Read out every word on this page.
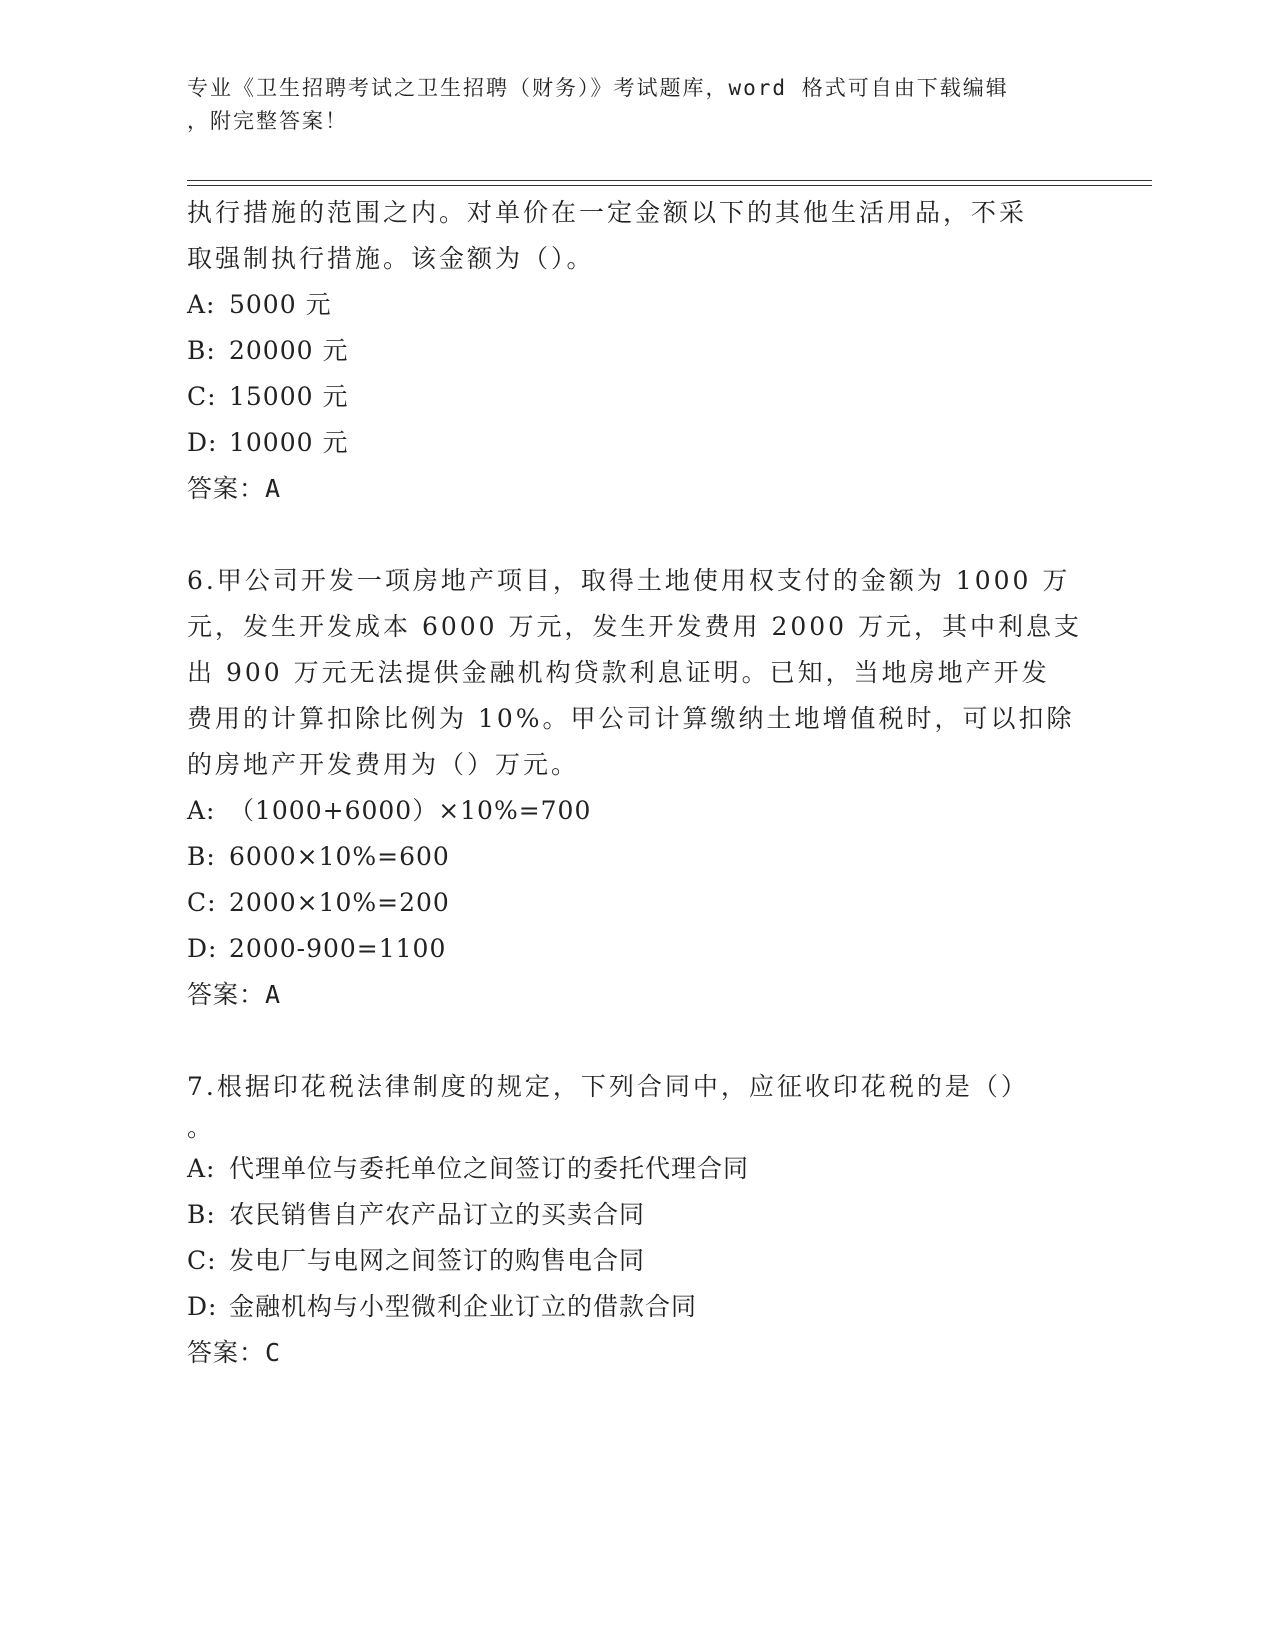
专业《卫生招聘考试之卫生招聘（财务）》考试题库，word 格式可自由下载编辑
，附完整答案！

执行措施的范围之内。对单价在一定金额以下的其他生活用品，不采

取强制执行措施。该金额为（）。

A: 5000 元

B: 20000 元

C: 15000 元

D: 10000 元

答案：A

6.甲公司开发一项房地产项目，取得土地使用权支付的金额为 1000 万

元，发生开发成本 6000 万元，发生开发费用 2000 万元，其中利息支

出 900 万元无法提供金融机构贷款利息证明。已知，当地房地产开发

费用的计算扣除比例为 10%。甲公司计算缴纳土地增值税时，可以扣除

的房地产开发费用为（）万元。

A: （1000+6000）×10%=700

B: 6000×10%=600

C: 2000×10%=200

D: 2000-900=1100

答案：A

7.根据印花税法律制度的规定，下列合同中，应征收印花税的是（）

。

A: 代理单位与委托单位之间签订的委托代理合同

B: 农民销售自产农产品订立的买卖合同

C: 发电厂与电网之间签订的购售电合同

D: 金融机构与小型微利企业订立的借款合同

答案：C
